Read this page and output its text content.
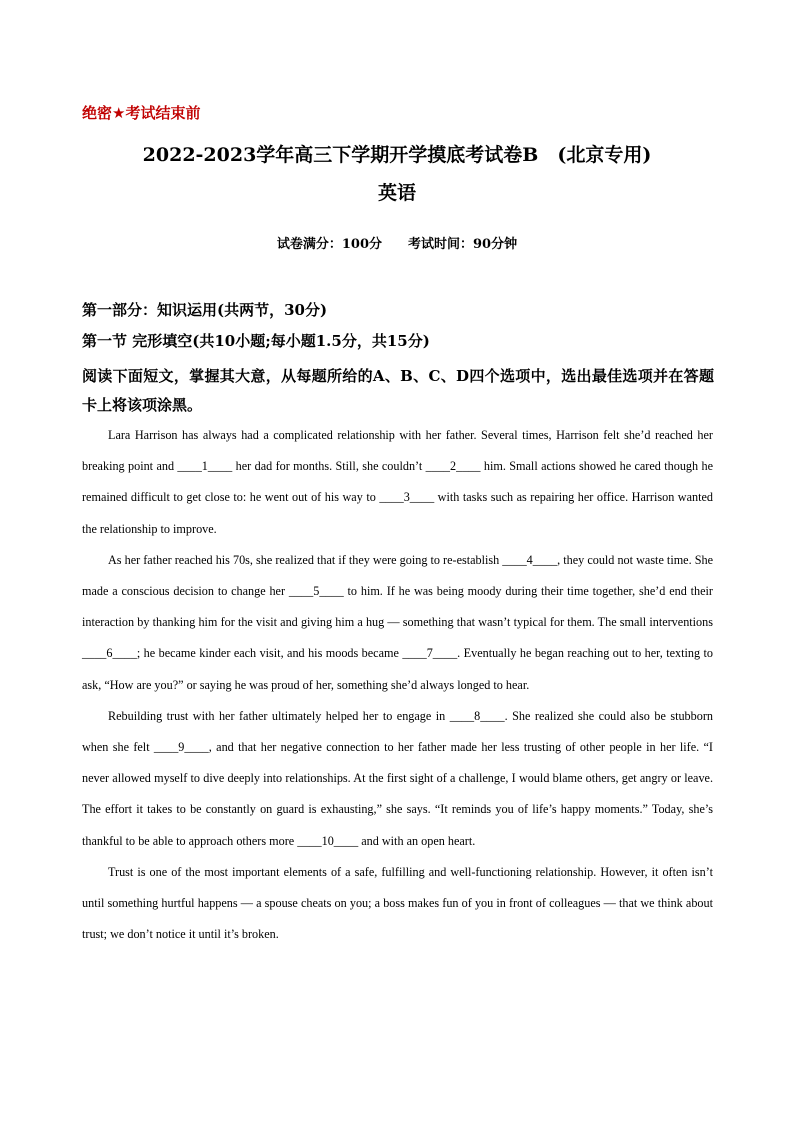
绝密★考试结束前
2022-2023学年高三下学期开学摸底考试卷B　(北京专用)
英语
试卷满分：100分　　考试时间：90分钟
第一部分：知识运用(共两节，30分)
第一节 完形填空(共10小题;每小题1.5分，共15分)
阅读下面短文，掌握其大意，从每题所给的A、B、C、D四个选项中，选出最佳选项并在答题卡上将该项涂黑。

Lara Harrison has always had a complicated relationship with her father. Several times, Harrison felt she’d reached her breaking point and ____1____ her dad for months. Still, she couldn’t ____2____ him. Small actions showed he cared though he remained difficult to get close to: he went out of his way to ____3____ with tasks such as repairing her office. Harrison wanted the relationship to improve.

As her father reached his 70s, she realized that if they were going to re-establish ____4____, they could not waste time. She made a conscious decision to change her ____5____ to him. If he was being moody during their time together, she’d end their interaction by thanking him for the visit and giving him a hug — something that wasn’t typical for them. The small interventions ____6____; he became kinder each visit, and his moods became ____7____. Eventually he began reaching out to her, texting to ask, “How are you?” or saying he was proud of her, something she’d always longed to hear.

Rebuilding trust with her father ultimately helped her to engage in ____8____. She realized she could also be stubborn when she felt ____9____, and that her negative connection to her father made her less trusting of other people in her life. “I never allowed myself to dive deeply into relationships. At the first sight of a challenge, I would blame others, get angry or leave. The effort it takes to be constantly on guard is exhausting,” she says. “It reminds you of life’s happy moments.” Today, she’s thankful to be able to approach others more ____10____ and with an open heart.

Trust is one of the most important elements of a safe, fulfilling and well-functioning relationship. However, it often isn’t until something hurtful happens — a spouse cheats on you; a boss makes fun of you in front of colleagues — that we think about trust; we don’t notice it until it’s broken.
